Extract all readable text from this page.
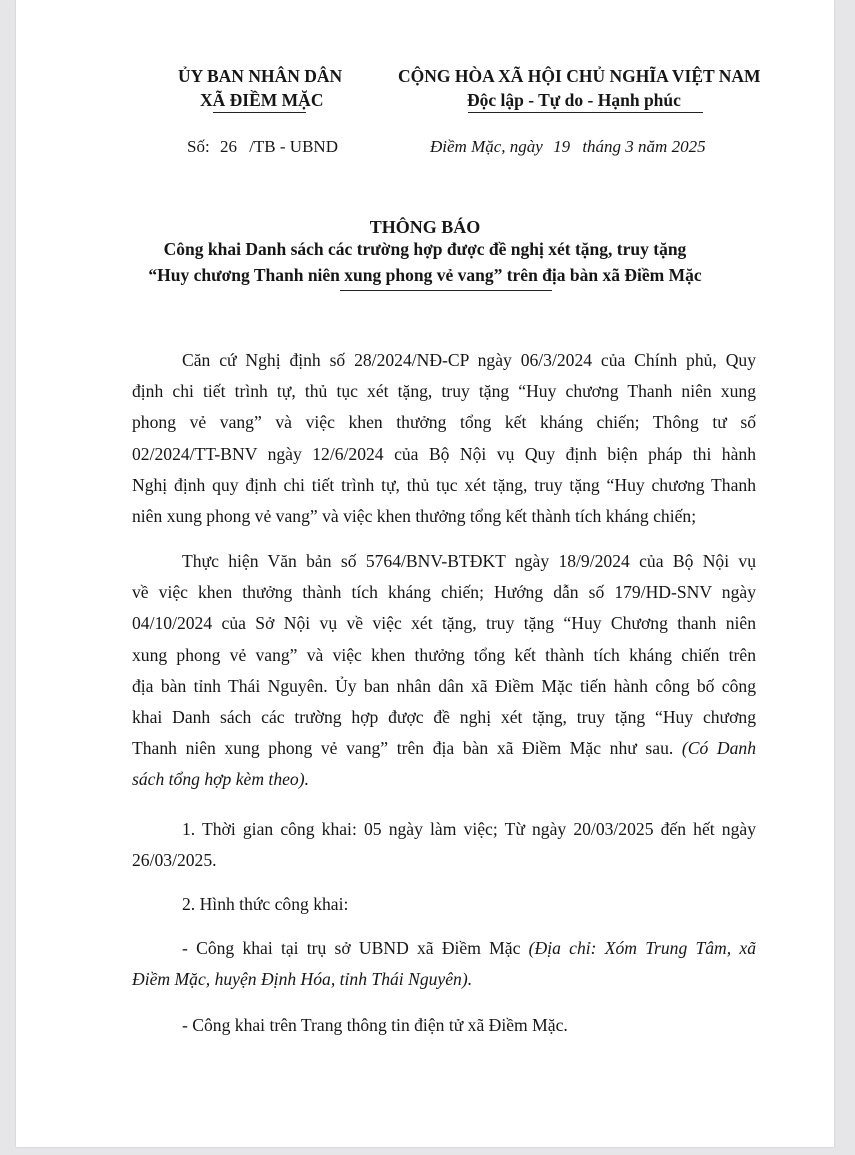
ỦY BAN NHÂN DÂN
XÃ ĐIỀM MẶC
CỘNG HÒA XÃ HỘI CHỦ NGHĨA VIỆT NAM
Độc lập - Tự do - Hạnh phúc
Số: 26 /TB - UBND	Điềm Mặc, ngày 19 tháng 3 năm 2025
THÔNG BÁO
Công khai Danh sách các trường hợp được đề nghị xét tặng, truy tặng
“Huy chương Thanh niên xung phong vẻ vang” trên địa bàn xã Điềm Mặc
Căn cứ Nghị định số 28/2024/NĐ-CP ngày 06/3/2024 của Chính phủ, Quy
định chi tiết trình tự, thủ tục xét tặng, truy tặng “Huy chương Thanh niên xung
phong vẻ vang” và việc khen thưởng tổng kết kháng chiến; Thông tư số
02/2024/TT-BNV ngày 12/6/2024 của Bộ Nội vụ Quy định biện pháp thi hành
Nghị định quy định chi tiết trình tự, thủ tục xét tặng, truy tặng “Huy chương Thanh
niên xung phong vẻ vang” và việc khen thưởng tổng kết thành tích kháng chiến;
Thực hiện Văn bản số 5764/BNV-BTĐKT ngày 18/9/2024 của Bộ Nội vụ
về việc khen thưởng thành tích kháng chiến; Hướng dẫn số 179/HD-SNV ngày
04/10/2024 của Sở Nội vụ về việc xét tặng, truy tặng “Huy Chương thanh niên
xung phong vẻ vang” và việc khen thưởng tổng kết thành tích kháng chiến trên
địa bàn tỉnh Thái Nguyên. Ủy ban nhân dân xã Điềm Mặc tiến hành công bố công
khai Danh sách các trường hợp được đề nghị xét tặng, truy tặng “Huy chương
Thanh niên xung phong vẻ vang” trên địa bàn xã Điềm Mặc như sau. (Có Danh
sách tổng hợp kèm theo).
1. Thời gian công khai: 05 ngày làm việc; Từ ngày 20/03/2025 đến hết ngày
26/03/2025.
2. Hình thức công khai:
- Công khai tại trụ sở UBND xã Điềm Mặc (Địa chỉ: Xóm Trung Tâm, xã
Điềm Mặc, huyện Định Hóa, tỉnh Thái Nguyên).
- Công khai trên Trang thông tin điện tử xã Điềm Mặc.
